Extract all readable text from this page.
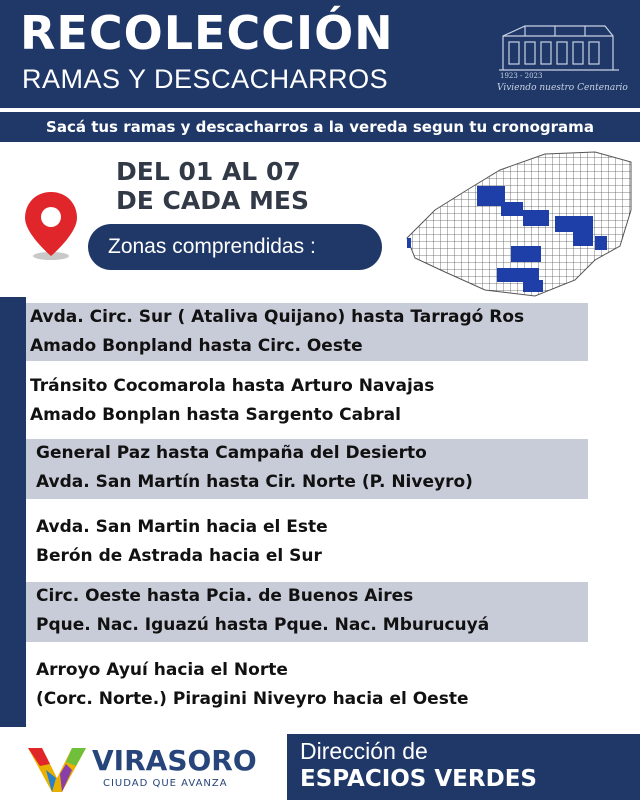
RECOLECCIÓN
RAMAS Y DESCACHARROS	1923 - 2023
Viviendo nuestro Centenario
Sacá tus ramas y descacharros a la vereda segun tu cronograma
DEL 01 AL 07
DE CADA MES
Zonas comprendidas :
Avda. Circ. Sur ( Ataliva Quijano) hasta Tarragó Ros
Amado Bonpland hasta Circ. Oeste
Tránsito Cocomarola hasta Arturo Navajas
Amado Bonplan hasta Sargento Cabral
General Paz hasta Campaña del Desierto
Avda. San Martín hasta Cir. Norte (P. Niveyro)
Avda. San Martin hacia el Este
Berón de Astrada hacia el Sur
Circ. Oeste hasta Pcia. de Buenos Aires
Pque. Nac. Iguazú hasta Pque. Nac. Mburucuyá
Arroyo Ayuí hacia el Norte
(Corc. Norte.) Piragini Niveyro hacia el Oeste
VIRASORO
CIUDAD QUE AVANZA
Dirección de
ESPACIOS VERDES
